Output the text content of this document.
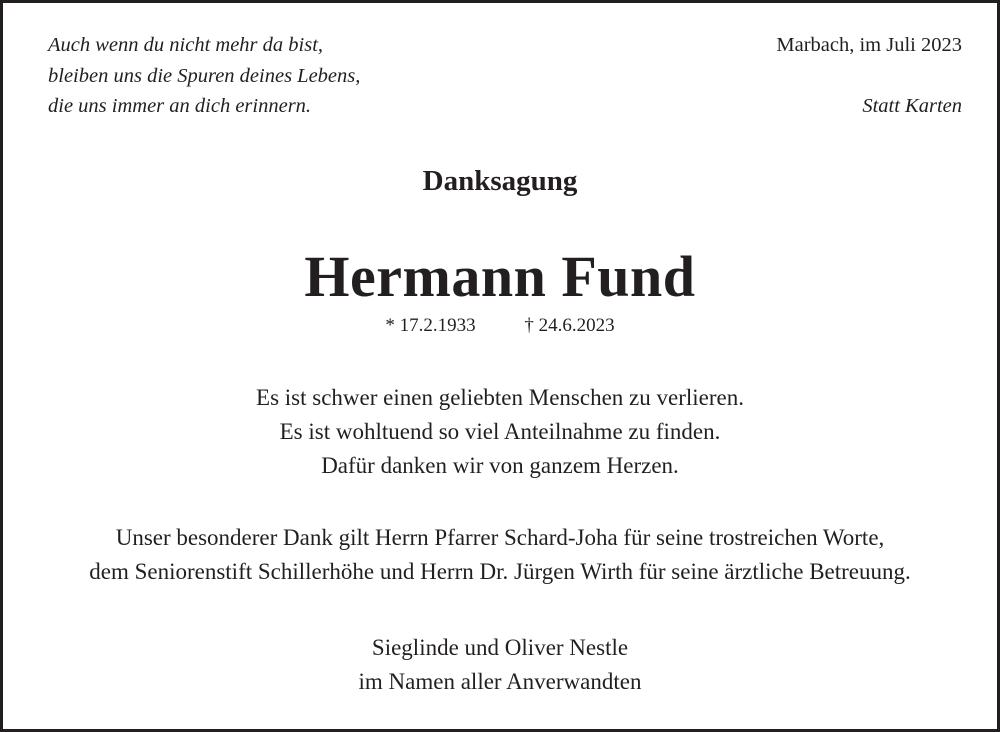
Auch wenn du nicht mehr da bist,
bleiben uns die Spuren deines Lebens,
die uns immer an dich erinnern.
Marbach, im Juli 2023
Statt Karten
Danksagung
Hermann Fund
* 17.2.1933	† 24.6.2023
Es ist schwer einen geliebten Menschen zu verlieren.
Es ist wohltuend so viel Anteilnahme zu finden.
Dafür danken wir von ganzem Herzen.
Unser besonderer Dank gilt Herrn Pfarrer Schard-Joha für seine trostreichen Worte,
dem Seniorenstift Schillerhöhe und Herrn Dr. Jürgen Wirth für seine ärztliche Betreuung.
Sieglinde und Oliver Nestle
im Namen aller Anverwandten
